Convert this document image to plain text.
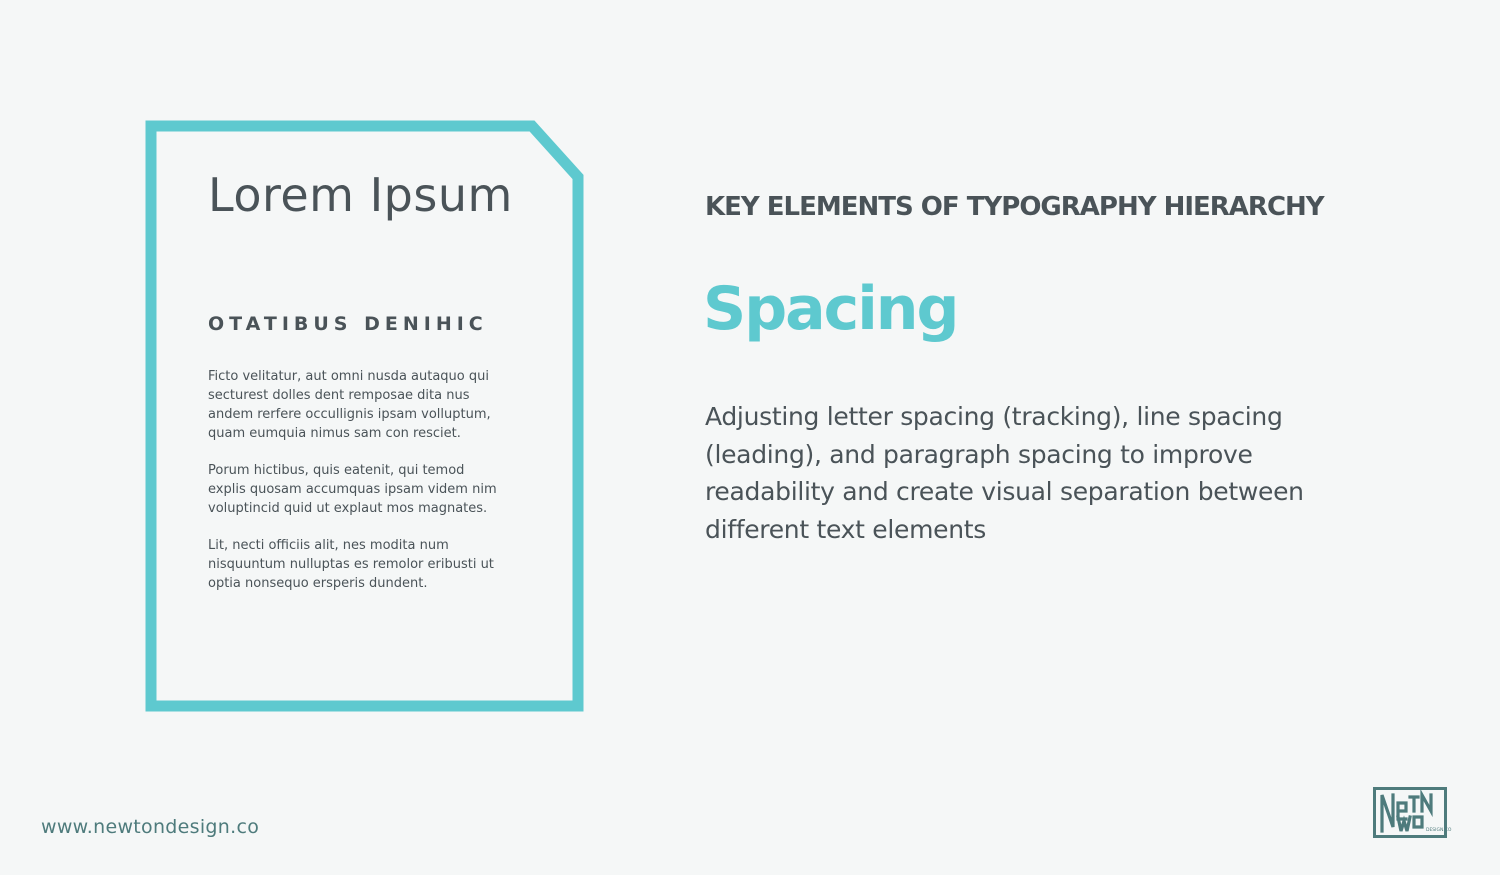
Lorem Ipsum
OTATIBUS DENIHIC

Ficto velitatur, aut omni nusda autaquo qui secturest dolles dent remposae dita nus andem rerfere occullignis ipsam volluptum, quam eumquia nimus sam con resciet.

Porum hictibus, quis eatenit, qui temod explis quosam accumquas ipsam videm nim voluptincid quid ut explaut mos magnates.

Lit, necti officiis alit, nes modita num nisquuntum nulluptas es remolor eribusti ut optia nonsequo ersperis dundent.

KEY ELEMENTS OF TYPOGRAPHY HIERARCHY
Spacing

Adjusting letter spacing (tracking), line spacing (leading), and paragraph spacing to improve readability and create visual separation between different text elements

www.newtondesign.co	DESIGN.CO
